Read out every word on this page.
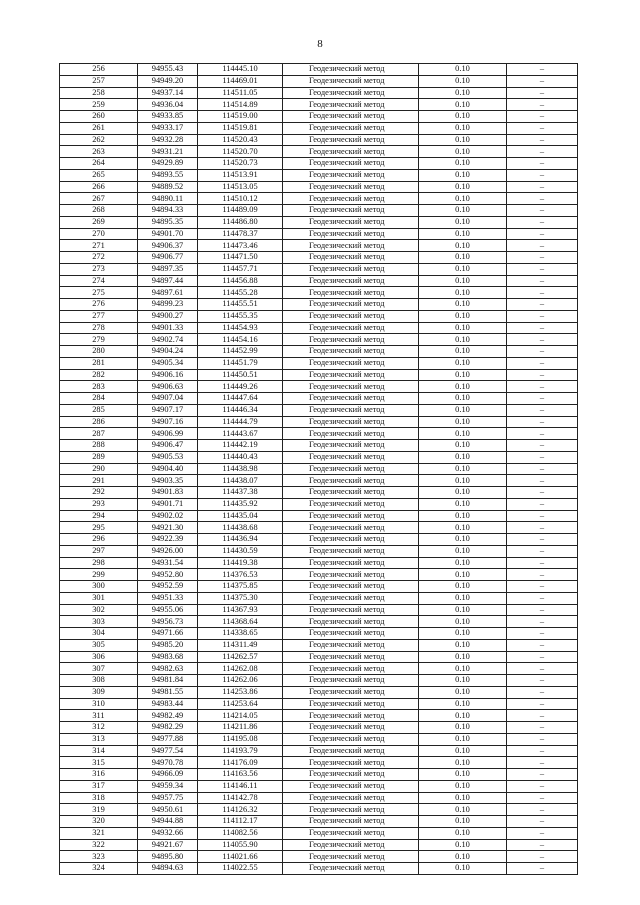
8
256	94955.43	114445.10	Геодезический метод	0.10	–
257	94949.20	114469.01	Геодезический метод	0.10	–
258	94937.14	114511.05	Геодезический метод	0.10	–
259	94936.04	114514.89	Геодезический метод	0.10	–
260	94933.85	114519.00	Геодезический метод	0.10	–
261	94933.17	114519.81	Геодезический метод	0.10	–
262	94932.28	114520.43	Геодезический метод	0.10	–
263	94931.21	114520.70	Геодезический метод	0.10	–
264	94929.89	114520.73	Геодезический метод	0.10	–
265	94893.55	114513.91	Геодезический метод	0.10	–
266	94889.52	114513.05	Геодезический метод	0.10	–
267	94890.11	114510.12	Геодезический метод	0.10	–
268	94894.33	114489.09	Геодезический метод	0.10	–
269	94895.35	114486.80	Геодезический метод	0.10	–
270	94901.70	114478.37	Геодезический метод	0.10	–
271	94906.37	114473.46	Геодезический метод	0.10	–
272	94906.77	114471.50	Геодезический метод	0.10	–
273	94897.35	114457.71	Геодезический метод	0.10	–
274	94897.44	114456.88	Геодезический метод	0.10	–
275	94897.61	114455.28	Геодезический метод	0.10	–
276	94899.23	114455.51	Геодезический метод	0.10	–
277	94900.27	114455.35	Геодезический метод	0.10	–
278	94901.33	114454.93	Геодезический метод	0.10	–
279	94902.74	114454.16	Геодезический метод	0.10	–
280	94904.24	114452.99	Геодезический метод	0.10	–
281	94905.34	114451.79	Геодезический метод	0.10	–
282	94906.16	114450.51	Геодезический метод	0.10	–
283	94906.63	114449.26	Геодезический метод	0.10	–
284	94907.04	114447.64	Геодезический метод	0.10	–
285	94907.17	114446.34	Геодезический метод	0.10	–
286	94907.16	114444.79	Геодезический метод	0.10	–
287	94906.99	114443.67	Геодезический метод	0.10	–
288	94906.47	114442.19	Геодезический метод	0.10	–
289	94905.53	114440.43	Геодезический метод	0.10	–
290	94904.40	114438.98	Геодезический метод	0.10	–
291	94903.35	114438.07	Геодезический метод	0.10	–
292	94901.83	114437.38	Геодезический метод	0.10	–
293	94901.71	114435.92	Геодезический метод	0.10	–
294	94902.02	114435.04	Геодезический метод	0.10	–
295	94921.30	114438.68	Геодезический метод	0.10	–
296	94922.39	114436.94	Геодезический метод	0.10	–
297	94926.00	114430.59	Геодезический метод	0.10	–
298	94931.54	114419.38	Геодезический метод	0.10	–
299	94952.80	114376.53	Геодезический метод	0.10	–
300	94952.59	114375.85	Геодезический метод	0.10	–
301	94951.33	114375.30	Геодезический метод	0.10	–
302	94955.06	114367.93	Геодезический метод	0.10	–
303	94956.73	114368.64	Геодезический метод	0.10	–
304	94971.66	114338.65	Геодезический метод	0.10	–
305	94985.20	114311.49	Геодезический метод	0.10	–
306	94983.68	114262.57	Геодезический метод	0.10	–
307	94982.63	114262.08	Геодезический метод	0.10	–
308	94981.84	114262.06	Геодезический метод	0.10	–
309	94981.55	114253.86	Геодезический метод	0.10	–
310	94983.44	114253.64	Геодезический метод	0.10	–
311	94982.49	114214.05	Геодезический метод	0.10	–
312	94982.29	114211.86	Геодезический метод	0.10	–
313	94977.88	114195.08	Геодезический метод	0.10	–
314	94977.54	114193.79	Геодезический метод	0.10	–
315	94970.78	114176.09	Геодезический метод	0.10	–
316	94966.09	114163.56	Геодезический метод	0.10	–
317	94959.34	114146.11	Геодезический метод	0.10	–
318	94957.75	114142.78	Геодезический метод	0.10	–
319	94950.61	114126.32	Геодезический метод	0.10	–
320	94944.88	114112.17	Геодезический метод	0.10	–
321	94932.66	114082.56	Геодезический метод	0.10	–
322	94921.67	114055.90	Геодезический метод	0.10	–
323	94895.80	114021.66	Геодезический метод	0.10	–
324	94894.63	114022.55	Геодезический метод	0.10	–
